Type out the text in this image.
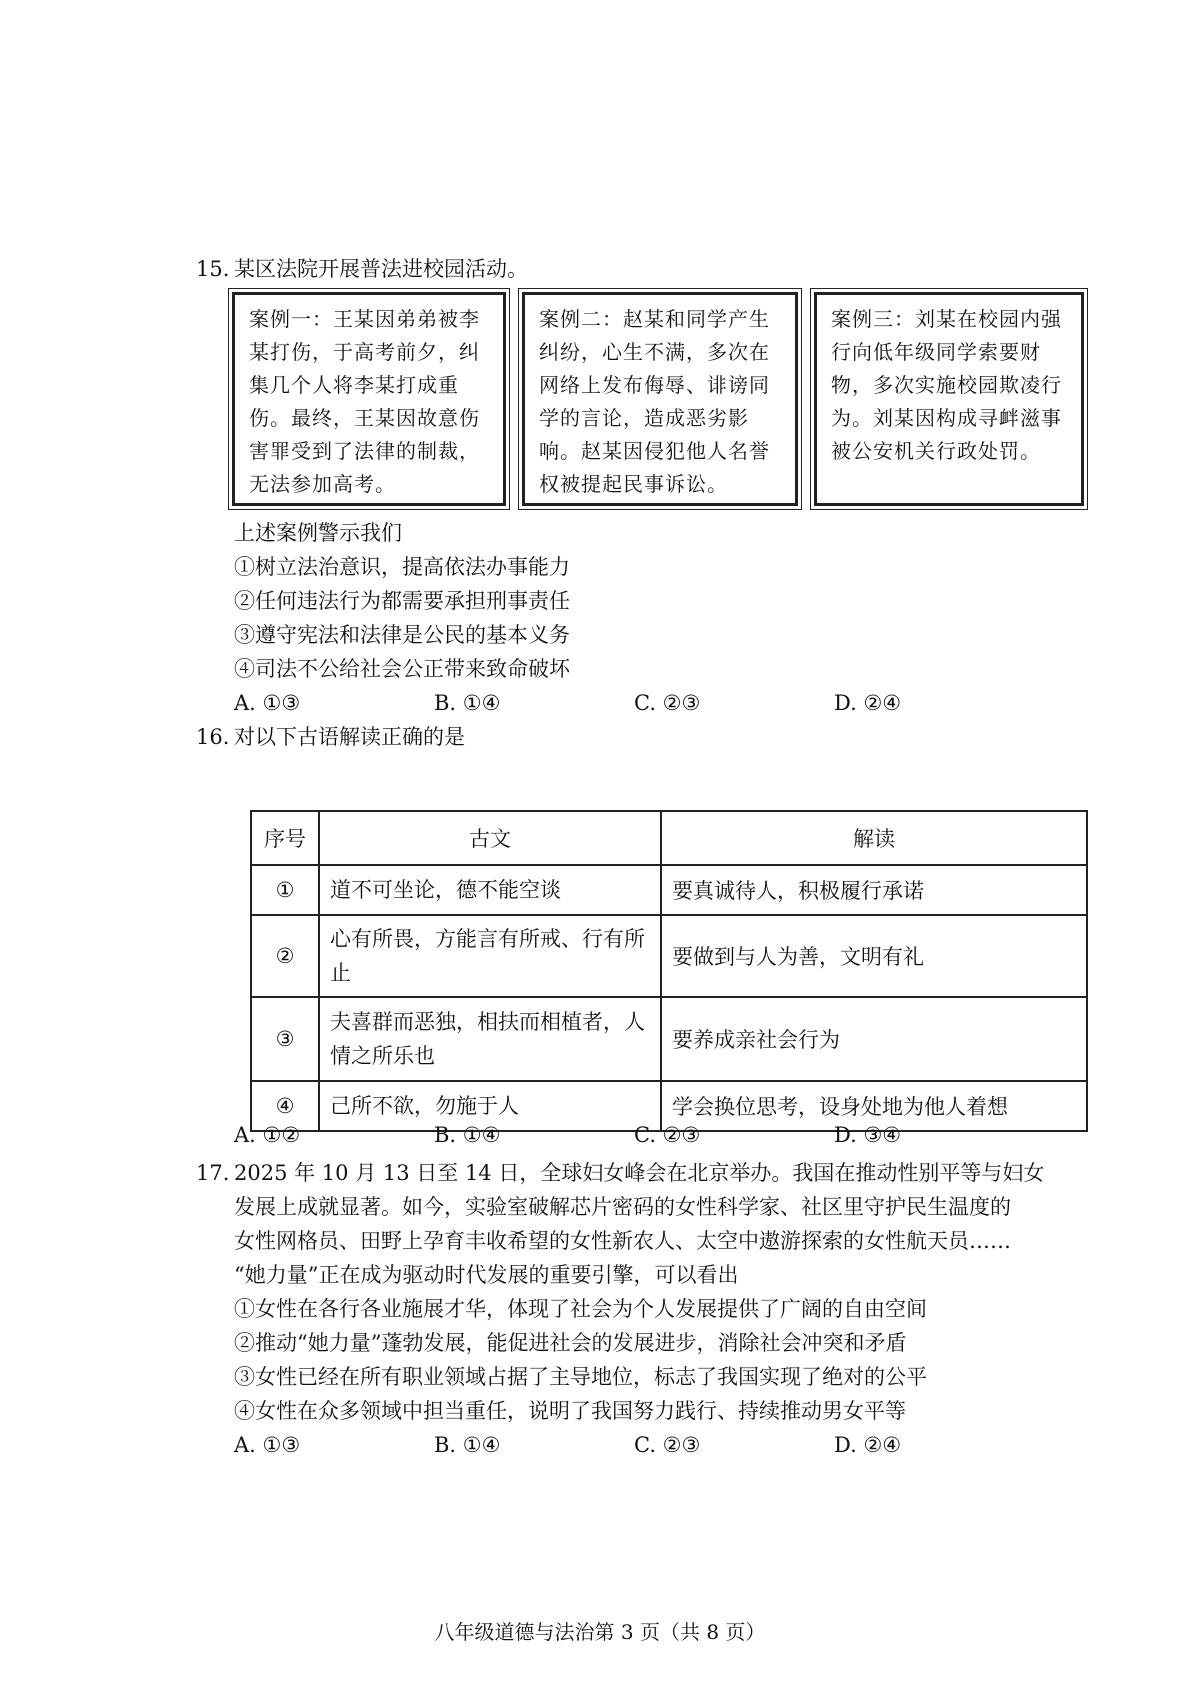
15. 某区法院开展普法进校园活动。
案例一：王某因弟弟被李某打伤，于高考前夕，纠集几个人将李某打成重伤。最终，王某因故意伤害罪受到了法律的制裁，无法参加高考。
案例二：赵某和同学产生纠纷，心生不满，多次在网络上发布侮辱、诽谤同学的言论，造成恶劣影响。赵某因侵犯他人名誉权被提起民事诉讼。
案例三：刘某在校园内强行向低年级同学索要财物，多次实施校园欺凌行为。刘某因构成寻衅滋事被公安机关行政处罚。
上述案例警示我们
①树立法治意识，提高依法办事能力
②任何违法行为都需要承担刑事责任
③遵守宪法和法律是公民的基本义务
④司法不公给社会公正带来致命破坏
A. ①③	B. ①④	C. ②③	D. ②④
16. 对以下古语解读正确的是
序号	古文	解读
①	道不可坐论，德不能空谈	要真诚待人，积极履行承诺
②	心有所畏，方能言有所戒、行有所止	要做到与人为善，文明有礼
③	夫喜群而恶独，相扶而相植者，人情之所乐也	要养成亲社会行为
④	己所不欲，勿施于人	学会换位思考，设身处地为他人着想
A. ①②	B. ①④	C. ②③	D. ③④
17. 2025 年 10 月 13 日至 14 日，全球妇女峰会在北京举办。我国在推动性别平等与妇女
发展上成就显著。如今，实验室破解芯片密码的女性科学家、社区里守护民生温度的
女性网格员、田野上孕育丰收希望的女性新农人、太空中遨游探索的女性航天员……
“她力量”正在成为驱动时代发展的重要引擎，可以看出
①女性在各行各业施展才华，体现了社会为个人发展提供了广阔的自由空间
②推动“她力量”蓬勃发展，能促进社会的发展进步，消除社会冲突和矛盾
③女性已经在所有职业领域占据了主导地位，标志了我国实现了绝对的公平
④女性在众多领域中担当重任，说明了我国努力践行、持续推动男女平等
A. ①③	B. ①④	C. ②③	D. ②④
八年级道德与法治第 3 页（共 8 页）
